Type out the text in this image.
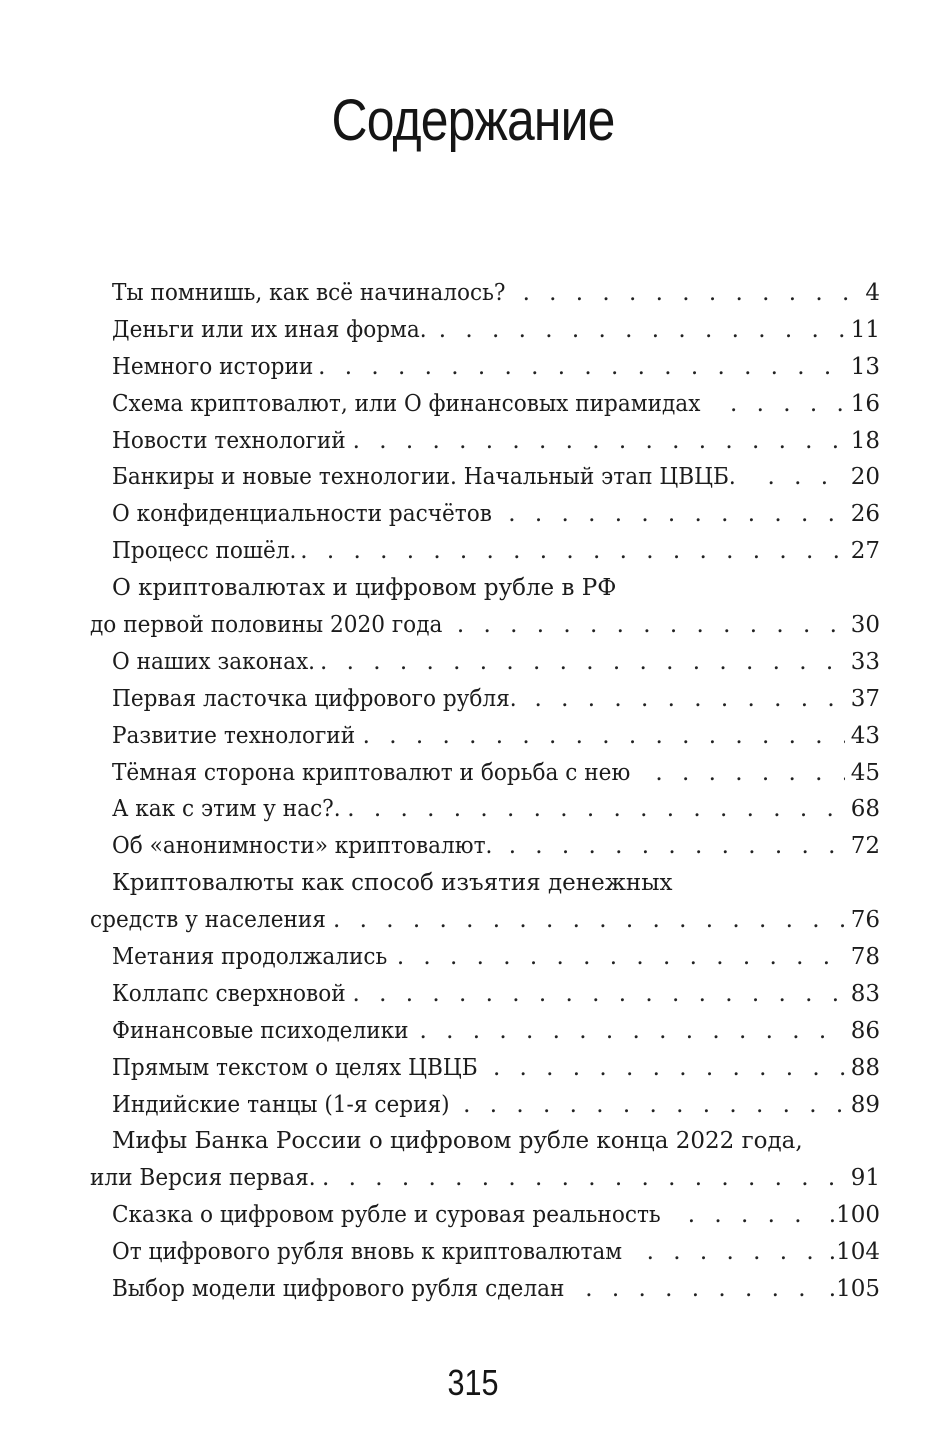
Содержание
Ты помнишь, как всё начиналось? . . .	4
Деньги или их иная форма. . . .	11
Немного истории . . .	13
Схема криптовалют, или О финансовых пирамидах . . .	16
Новости технологий . . .	18
Банкиры и новые технологии. Начальный этап ЦВЦБ. . . .	20
О конфиденциальности расчётов . . .	26
Процесс пошёл. . . .	27
О криптовалютах и цифровом рубле в РФ
до первой половины 2020 года . . .	30
О наших законах. . . .	33
Первая ласточка цифрового рубля. . . .	37
Развитие технологий . . .	43
Тёмная сторона криптовалют и борьба с нею . . .	45
А как с этим у нас?. . . .	68
Об «анонимности» криптовалют. . . .	72
Криптовалюты как способ изъятия денежных
средств у населения . . .	76
Метания продолжались . . .	78
Коллапс сверхновой . . .	83
Финансовые психоделики . . .	86
Прямым текстом о целях ЦВЦБ . . .	88
Индийские танцы (1-я серия) . . .	89
Мифы Банка России о цифровом рубле конца 2022 года,
или Версия первая. . . .	91
Сказка о цифровом рубле и суровая реальность . . .	.100
От цифрового рубля вновь к криптовалютам . . .	.104
Выбор модели цифрового рубля сделан . . .	.105
315
